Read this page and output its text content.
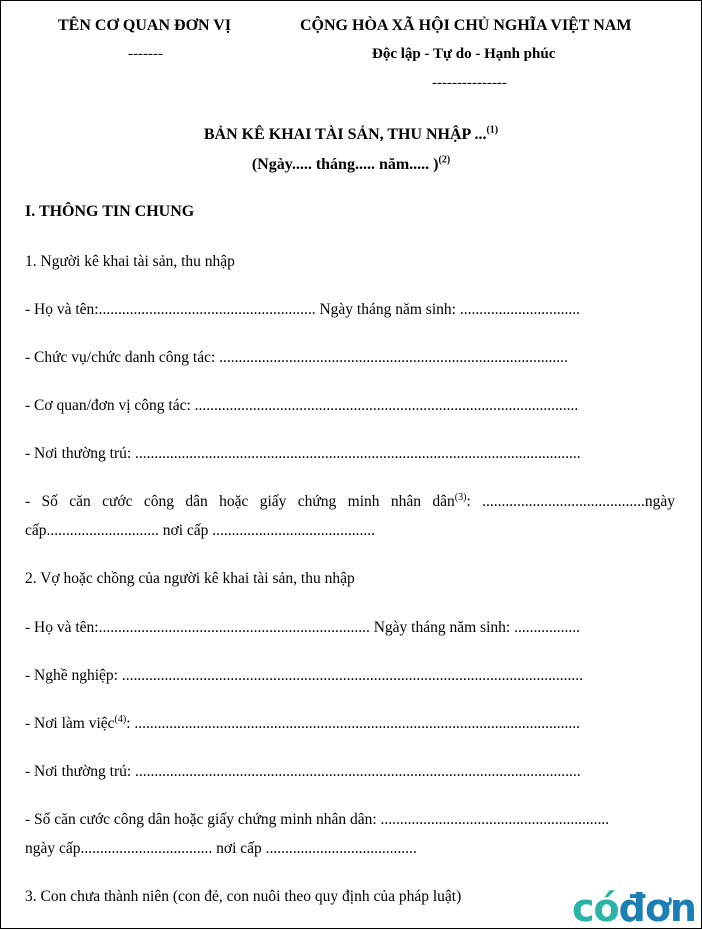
TÊN CƠ QUAN ĐƠN VỊ
-------
CỘNG HÒA XÃ HỘI CHỦ NGHĨA VIỆT NAM
Độc lập - Tự do - Hạnh phúc
---------------
BẢN KÊ KHAI TÀI SẢN, THU NHẬP ...$^{(1)}$
(Ngày..... tháng..... năm..... )$^{(2)}$
I. THÔNG TIN CHUNG
1. Người kê khai tài sản, thu nhập
- Họ và tên:........................................................ Ngày tháng năm sinh: ...............................
- Chức vụ/chức danh công tác: ..........................................................................................
- Cơ quan/đơn vị công tác: ...................................................................................................
- Nơi thường trú: ...................................................................................................................
- Số căn cước công dân hoặc giấy chứng minh nhân dân$^{(3)}$: ..........................................ngày
cấp............................. nơi cấp ..........................................
2. Vợ hoặc chồng của người kê khai tài sản, thu nhập
- Họ và tên:...................................................................... Ngày tháng năm sinh: .................
- Nghề nghiệp: .......................................................................................................................
- Nơi làm việc$^{(4)}$: ...................................................................................................................
- Nơi thường trú: ...................................................................................................................
- Số căn cước công dân hoặc giấy chứng minh nhân dân: ...........................................................
ngày cấp.................................. nơi cấp .......................................
3. Con chưa thành niên (con đẻ, con nuôi theo quy định của pháp luật)	cóđơn
